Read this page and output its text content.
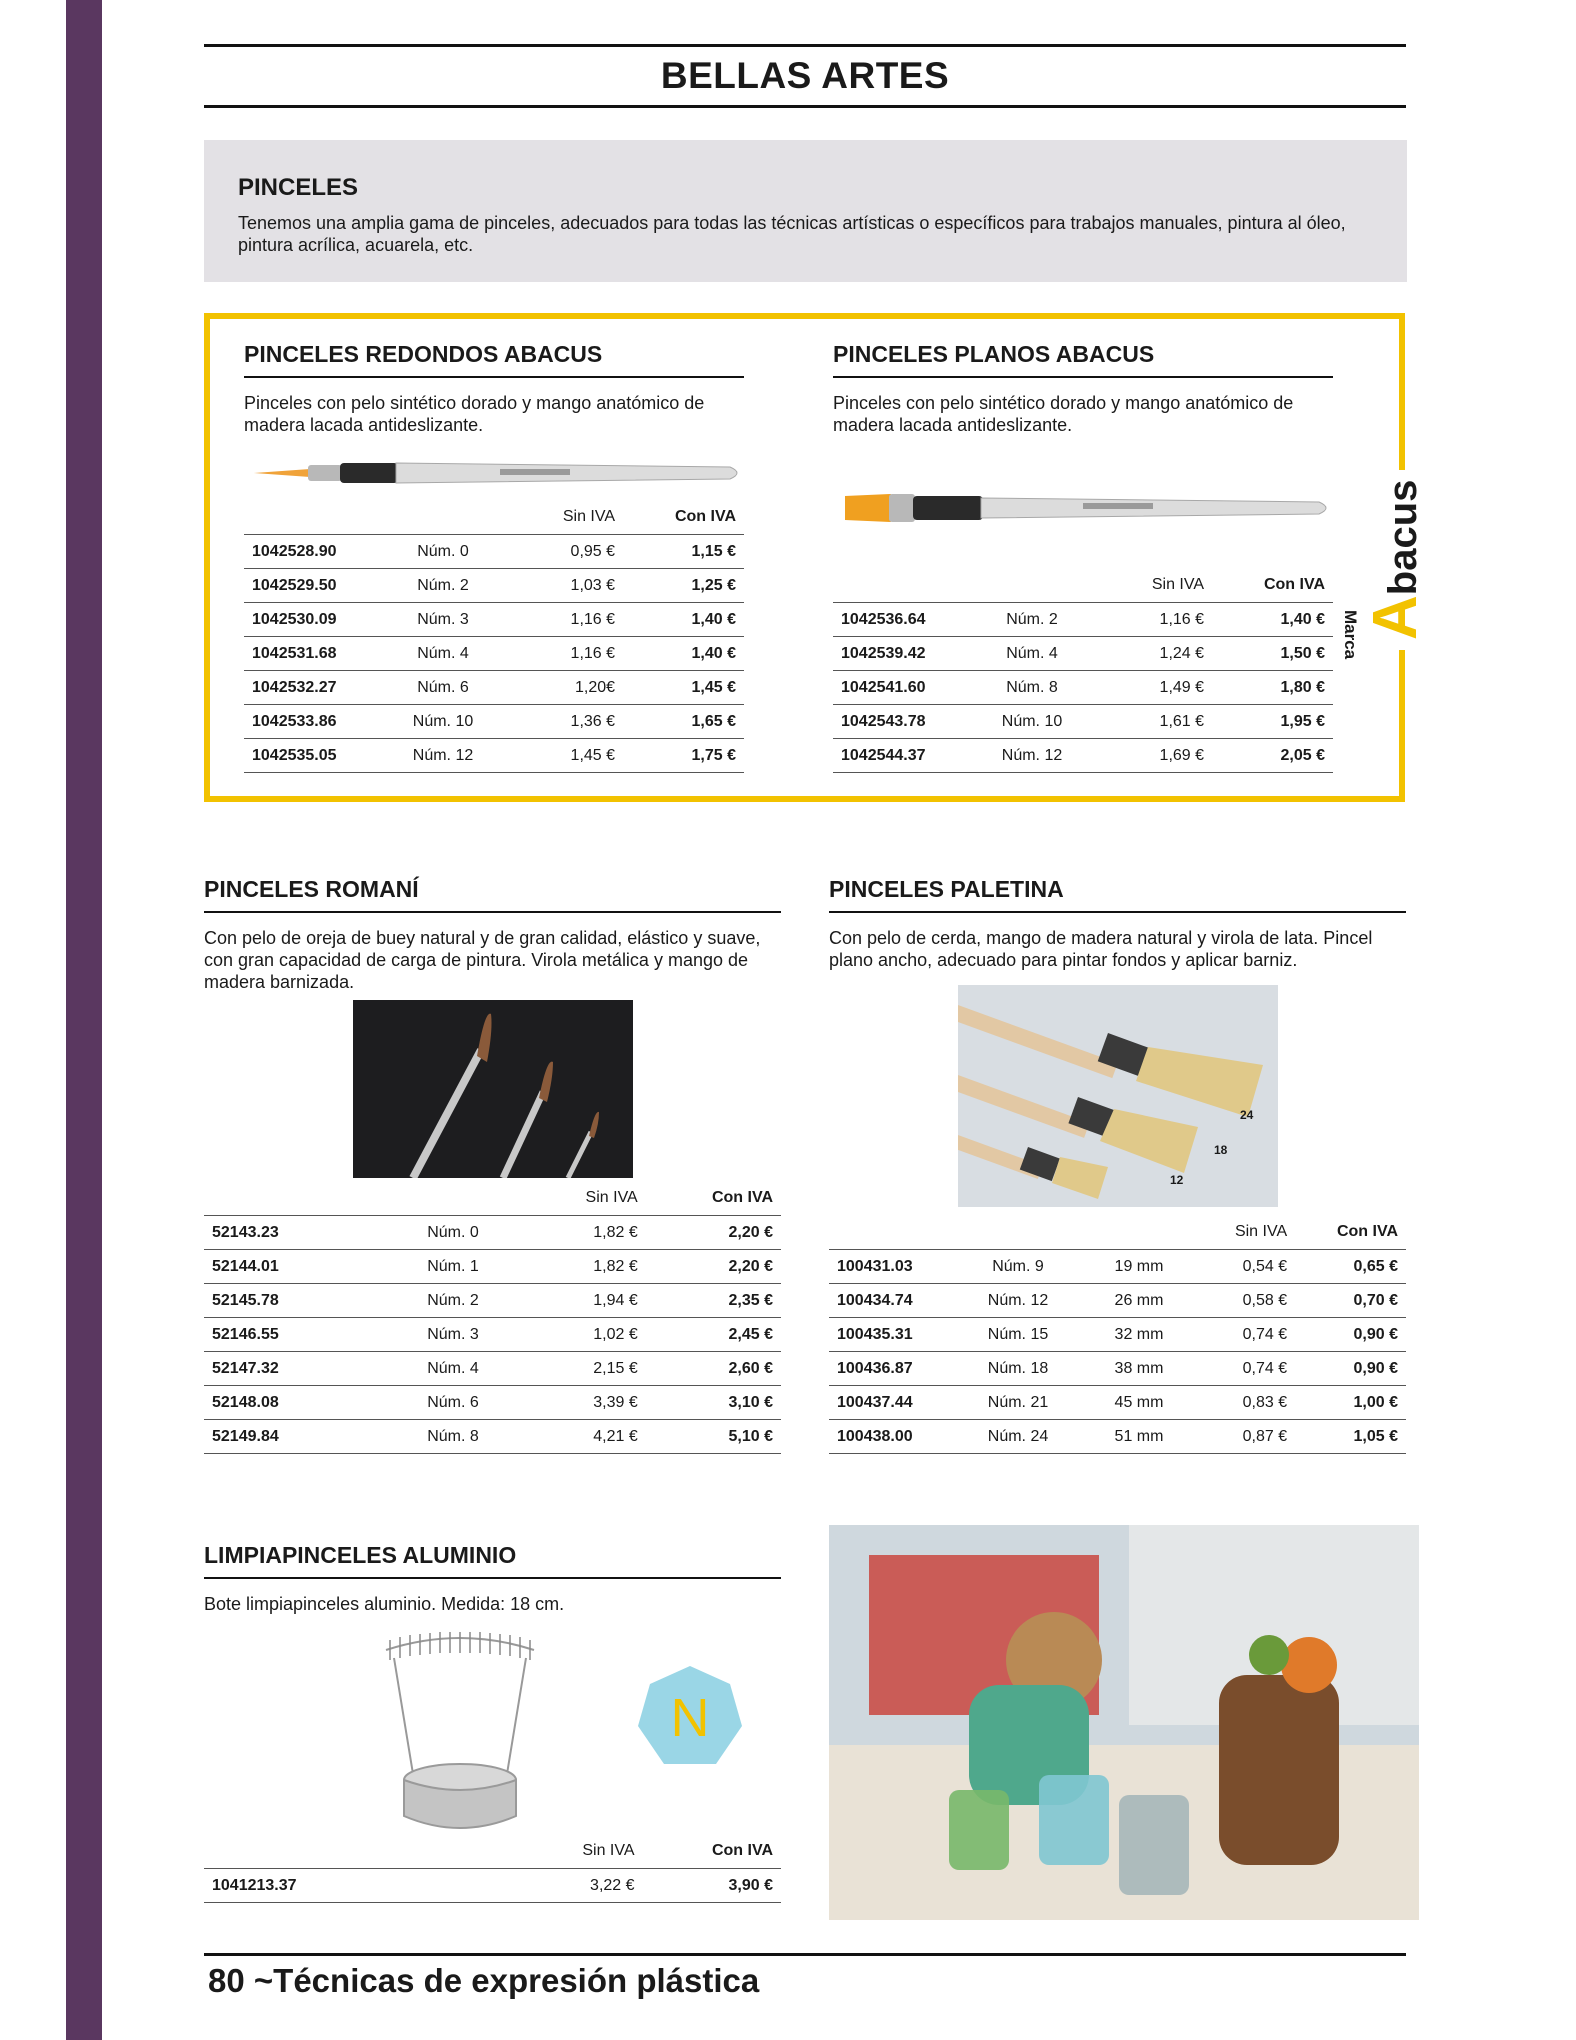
BELLAS ARTES
PINCELES

Tenemos una amplia gama de pinceles, adecuados para todas las técnicas artísticas o específicos para trabajos manuales, pintura al óleo, pintura acrílica, acuarela, etc.

Abacus
Marca
PINCELES REDONDOS ABACUS

Pinceles con pelo sintético dorado y mango anatómico de madera lacada antideslizante.

		Sin IVA	Con IVA
1042528.90	Núm. 0	0,95 €	1,15 €
1042529.50	Núm. 2	1,03 €	1,25 €
1042530.09	Núm. 3	1,16 €	1,40 €
1042531.68	Núm. 4	1,16 €	1,40 €
1042532.27	Núm. 6	1,20€	1,45 €
1042533.86	Núm. 10	1,36 €	1,65 €
1042535.05	Núm. 12	1,45 €	1,75 €
PINCELES PLANOS ABACUS

Pinceles con pelo sintético dorado y mango anatómico de madera lacada antideslizante.

		Sin IVA	Con IVA
1042536.64	Núm. 2	1,16 €	1,40 €
1042539.42	Núm. 4	1,24 €	1,50 €
1042541.60	Núm. 8	1,49 €	1,80 €
1042543.78	Núm. 10	1,61 €	1,95 €
1042544.37	Núm. 12	1,69 €	2,05 €
PINCELES ROMANÍ

Con pelo de oreja de buey natural y de gran calidad, elástico y suave, con gran capacidad de carga de pintura. Virola metálica y mango de madera barnizada.

		Sin IVA	Con IVA
52143.23	Núm. 0	1,82 €	2,20 €
52144.01	Núm. 1	1,82 €	2,20 €
52145.78	Núm. 2	1,94 €	2,35 €
52146.55	Núm. 3	1,02 €	2,45 €
52147.32	Núm. 4	2,15 €	2,60 €
52148.08	Núm. 6	3,39 €	3,10 €
52149.84	Núm. 8	4,21 €	5,10 €
PINCELES PALETINA

Con pelo de cerda, mango de madera natural y virola de lata. Pincel plano ancho, adecuado para pintar fondos y aplicar barniz.

24
18
12
			Sin IVA	Con IVA
100431.03	Núm. 9	19 mm	0,54 €	0,65 €
100434.74	Núm. 12	26 mm	0,58 €	0,70 €
100435.31	Núm. 15	32 mm	0,74 €	0,90 €
100436.87	Núm. 18	38 mm	0,74 €	0,90 €
100437.44	Núm. 21	45 mm	0,83 €	1,00 €
100438.00	Núm. 24	51 mm	0,87 €	1,05 €
LIMPIAPINCELES ALUMINIO

Bote limpiapinceles aluminio. Medida: 18 cm.

N
	Sin IVA	Con IVA
1041213.37	3,22 €	3,90 €
80 ~Técnicas de expresión plástica
